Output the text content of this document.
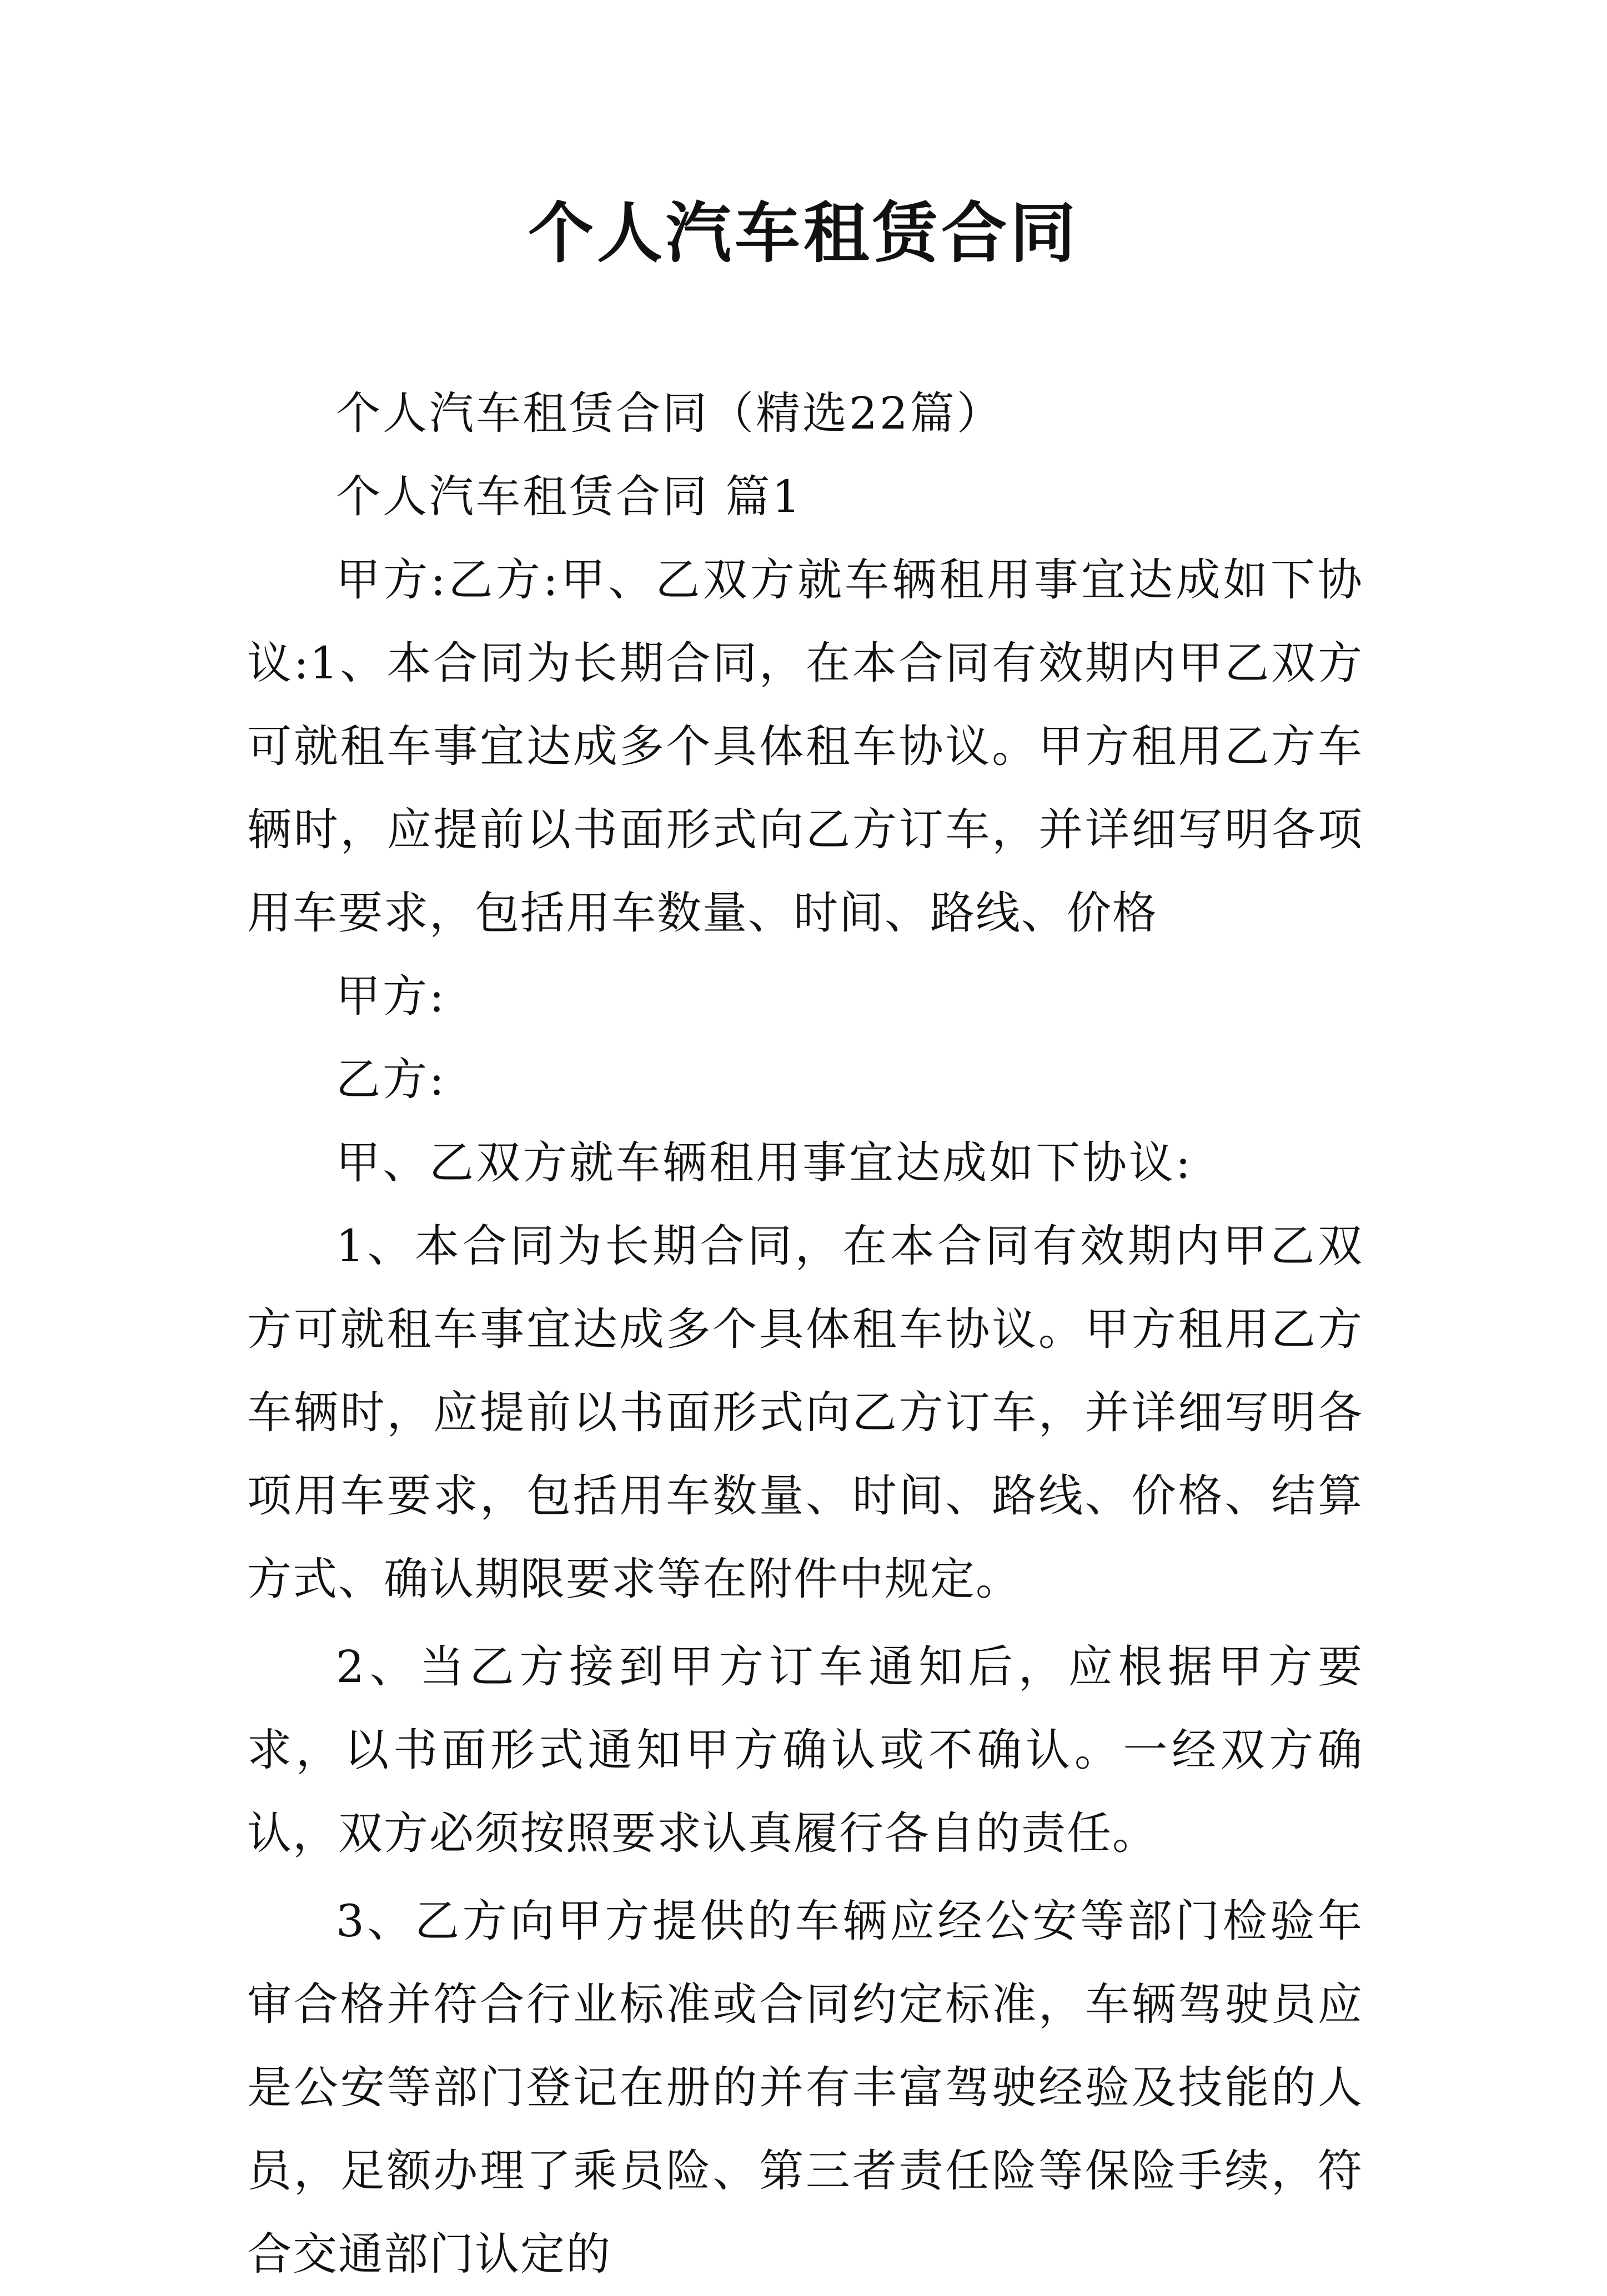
个人汽车租赁合同

个人汽车租赁合同（精选22篇）

个人汽车租赁合同 篇1

甲方:乙方:甲、乙双方就车辆租用事宜达成如下协议:1、本合同为长期合同，在本合同有效期内甲乙双方可就租车事宜达成多个具体租车协议。甲方租用乙方车辆时，应提前以书面形式向乙方订车，并详细写明各项用车要求，包括用车数量、时间、路线、价格

甲方:

乙方:

甲、乙双方就车辆租用事宜达成如下协议:

1、本合同为长期合同，在本合同有效期内甲乙双方可就租车事宜达成多个具体租车协议。甲方租用乙方车辆时，应提前以书面形式向乙方订车，并详细写明各项用车要求，包括用车数量、时间、路线、价格、结算方式、确认期限要求等在附件中规定。

2、当乙方接到甲方订车通知后，应根据甲方要求，以书面形式通知甲方确认或不确认。一经双方确认，双方必须按照要求认真履行各自的责任。

3、乙方向甲方提供的车辆应经公安等部门检验年审合格并符合行业标准或合同约定标准，车辆驾驶员应是公安等部门登记在册的并有丰富驾驶经验及技能的人员，足额办理了乘员险、第三者责任险等保险手续，符合交通部门认定的
